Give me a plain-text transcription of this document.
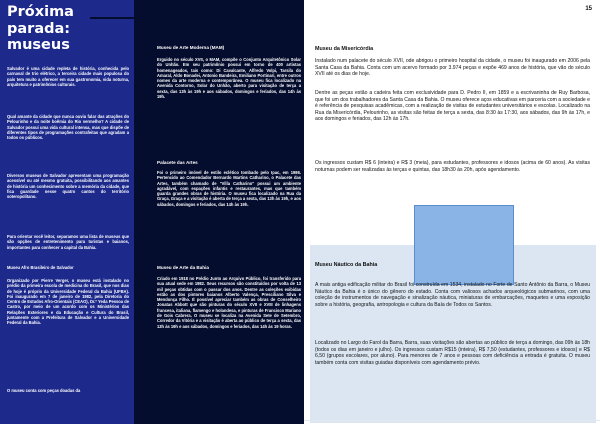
Próxima
parada:
museus

Salvador é uma cidade repleta de história, conhecida pelo carnaval de trio elétrico, a terceira cidade mais populosa do país tem muito a oferecer em sua gastronomia, vida noturna, arquitetura e patrimônios culturais.

Qual amante da cidade que nunca ouviu falar das atrações do Pelourinho e da noite boêmia do Rio vermelho? A cidade de Salvador possui uma vida cultural intensa, mas que dispõe de diferentes tipos de programações contrafeitas que agradam a todos os públicos.

Diversos museus de Salvador apresentam uma programação acessível ou até mesmo gratuita, possibilitando aos amantes de história um conhecimento sobre a memória da cidade, que fica guardade nesse quatro cantos do território soteropolitano.

Para orientar você leitor, separamos uma lista de museus que são opções de entretenimento para turistas e baianos, importantes para conhecer a capital da Bahia.

Museu Afro Brasileiro de Salvador

Organizado por Pierre Verger, o museu está instalado no prédio da primeira escola de medicina do Brasil, que nos dias de hoje é próprio da Universidade Federal da Bahia (UFBA). Foi inaugurado em 7 de janeiro de 1982, pela Diretoria do Centro de Estudos Afro-Orientais (CEAO), Dr.º Yeda Pessoa de Castro, por meio de um acordo com os Ministérios das Relações Exteriores e da Educação e Cultura do Brasil, juntamente com a Prefeitura de Salvador e a Universidade Federal da Bahia.

O museu conta com peças doadas da

Museu de Arte Moderna (MAM)

Erguido no século XVII, o MAM, compõe o Conjunto Arquitetônico Solar do Unhão. Em seu patrimônio possui em torno de 400 artistas homenageados, tais como: Di Cavalcante, Alfredo Volpi, Tarsila do Amaral, Aldo Bonadei, Antonio Bandeira, Emiliano Portinari, entre outros nomes da arte moderna e contemporânea. O museu fica localizado na Avenida Contorno, Solar do Unhão, aberto para visitação de terça a sexta, das 13h às 19h e aos sábados, domingos e feriados, das 14h às 19h.

Palacete das Artes

Foi o primeiro imóvel de estilo eclético tombado pelo Ipac, em 1986. Pertencido ao Comendador Bernardo Martins Catharino, o Palacete das Artes, também chamado de "Villa Catharino" possui um ambiente agradável, com espações infantis e restaurantes, mas que também guarda grandes obras de história. O museu fica localizado na Rua da Graça, Graça e a visitação é aberta de terça a sexta, das 13h às 19h, e aos sábados, domingos e feriados, das 14h às 19h.

Museu de Arte da Bahia

Criado em 1918 no Prédio Junto ao Arquivo Público, foi transferido para sua atual sede em 1982. Seus recursos são constituídos por volta de 13 mil peças obtidas com o passar dos anos. Dentre as coleções exibidas estão as dos pintores baianos Alberto Valença, Presciliano Silva e Mendonça Filho. É possível apreciar também as obras de Conselheiro Jonatas Abbott que são pinturas do século XVII e XVIII de linhagens francesa, italiana, flamengo e holandesa, e pinturas de Francisco Mariano de Gois Cabrera. O museu se localiza na Avenida Sete de Setembro, Corredor da Vitória e a visitação é aberta ao público de terça a sexta, das 13h às 19h e aos sábados, domingos e feriados, das 14h às 19 horas.

15
Museu da Misericórdia

Instalado num palacete do século XVII, ode abrigou o primeiro hospital da cidade, o museu foi inaugurado em 2006 pela Santa Casa da Bahia. Conta com um acervo formado por 3.974 peças e expõe 469 anos de história, que vão do século XVII até os dias de hoje.

Dentre as peças estão a cadeira feita com exclusividade para D. Pedro II, em 1859 e a escrivaninha de Ruy Barbosa, que foi um dos trabalhadores da Santa Casa da Bahia. O museu oferece aços educativas em parceria com a sociedade e é referência de pesquisas acadêmicas, com a realização de visitas de estudantes universitários e escolas. Localizado na Rua da Misericórdia, Pelourinho, as visitas são feitas de terça a sexta, das 8:30 às 17:30, aos sábados, das 9h às 17h, e aos domingos e feriados, das 12h às 17h.

Os ingressos custam R$ 6 (inteira) e R$ 3 (meia), para estudantes, professores e idosos (acima de 60 anos). As visitas noturnas podem ser realizadas às terças e quintas, das 18h30 às 20h, após agendamento.

Museu Náutico da Bahia

A mais antiga edificação militar do Brasil foi construída em 1534, instalado no Forte de Santo Antônio da Barra, o Museu Náutico da Bahia é o único do gênero do estado. Conta com valiosos achados arqueológicos submarinos, com uma coleção de instrumentos de navegação e sinalização náutica, miniaturas de embarcações, maquetes e uma exposição sobre a história, geografia, antropologia e cultura da Baía de Todos os Santos.

Localizado no Largo do Farol da Barra, Barra, suas visitações são abertas ao público de terça a domingo, das 09h às 18h (todos os dias em janeiro e julho). Os ingressos custam R$15 (inteira), R$ 7,50 (estudantes, professores e idosos) e R$ 6,50 (grupos escolares, por aluno). Para menores de 7 anos e pessoas com deficiência a entrada é gratuita. O museu também conta com visitas guiadas disponíveis com agendamento prévio.
